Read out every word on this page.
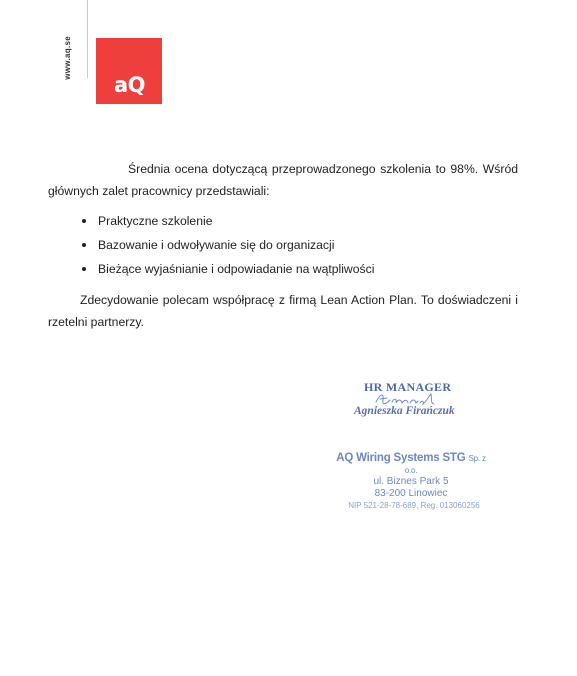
www.aq.se
aQ
Średnia ocena dotyczącą przeprowadzonego szkolenia to 98%. Wśród
głównych zalet pracownicy przedstawiali:
Praktyczne szkolenie
Bazowanie i odwoływanie się do organizacji
Bieżące wyjaśnianie i odpowiadanie na wątpliwości
Zdecydowanie polecam współpracę z firmą Lean Action Plan. To doświadczeni i
rzetelni partnerzy.
HR MANAGER
Agnieszka Firańczuk
AQ Wiring Systems STG Sp. z o.o.
ul. Biznes Park 5
83-200 Linowiec
NIP 521-28-78-689, Reg. 013060256
